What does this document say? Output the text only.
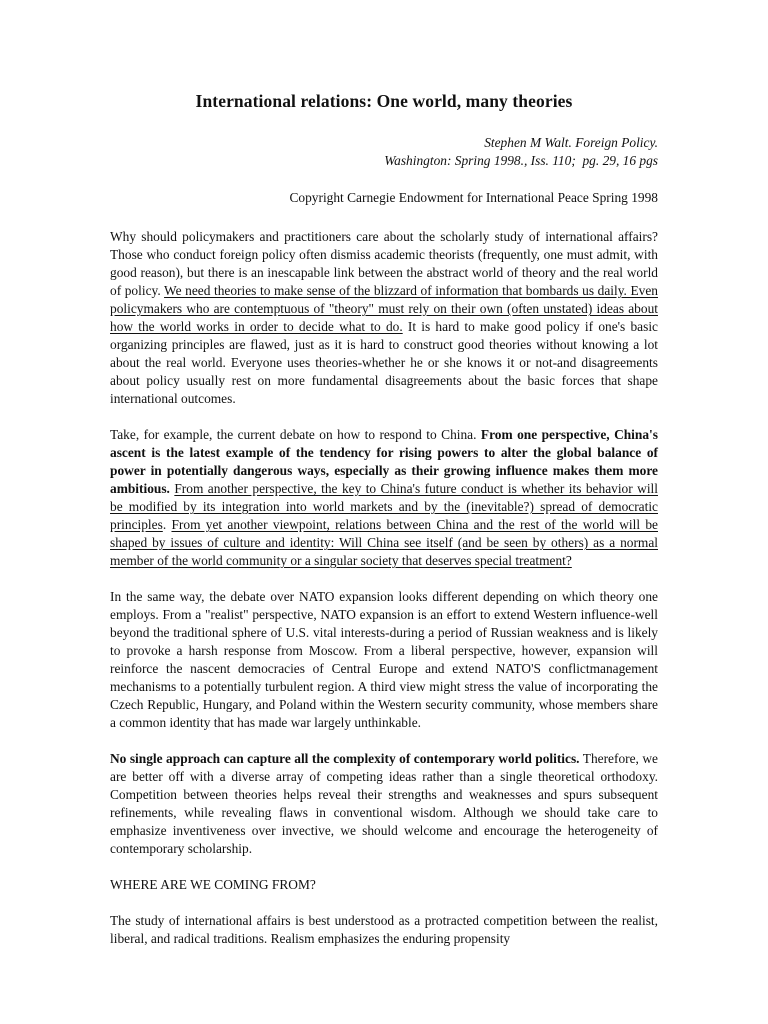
International relations: One world, many theories
Stephen M Walt. Foreign Policy.
Washington: Spring 1998., Iss. 110;  pg. 29, 16 pgs
Copyright Carnegie Endowment for International Peace Spring 1998

Why should policymakers and practitioners care about the scholarly study of international affairs? Those who conduct foreign policy often dismiss academic theorists (frequently, one must admit, with good reason), but there is an inescapable link between the abstract world of theory and the real world of policy. We need theories to make sense of the blizzard of information that bombards us daily. Even policymakers who are contemptuous of "theory" must rely on their own (often unstated) ideas about how the world works in order to decide what to do. It is hard to make good policy if one's basic organizing principles are flawed, just as it is hard to construct good theories without knowing a lot about the real world. Everyone uses theories-whether he or she knows it or not-and disagreements about policy usually rest on more fundamental disagreements about the basic forces that shape international outcomes.

Take, for example, the current debate on how to respond to China. From one perspective, China's ascent is the latest example of the tendency for rising powers to alter the global balance of power in potentially dangerous ways, especially as their growing influence makes them more ambitious. From another perspective, the key to China's future conduct is whether its behavior will be modified by its integration into world markets and by the (inevitable?) spread of democratic principles. From yet another viewpoint, relations between China and the rest of the world will be shaped by issues of culture and identity: Will China see itself (and be seen by others) as a normal member of the world community or a singular society that deserves special treatment?

In the same way, the debate over NATO expansion looks different depending on which theory one employs. From a "realist" perspective, NATO expansion is an effort to extend Western influence-well beyond the traditional sphere of U.S. vital interests-during a period of Russian weakness and is likely to provoke a harsh response from Moscow. From a liberal perspective, however, expansion will reinforce the nascent democracies of Central Europe and extend NATO'S conflictmanagement mechanisms to a potentially turbulent region. A third view might stress the value of incorporating the Czech Republic, Hungary, and Poland within the Western security community, whose members share a common identity that has made war largely unthinkable.

No single approach can capture all the complexity of contemporary world politics. Therefore, we are better off with a diverse array of competing ideas rather than a single theoretical orthodoxy. Competition between theories helps reveal their strengths and weaknesses and spurs subsequent refinements, while revealing flaws in conventional wisdom. Although we should take care to emphasize inventiveness over invective, we should welcome and encourage the heterogeneity of contemporary scholarship.

WHERE ARE WE COMING FROM?

The study of international affairs is best understood as a protracted competition between the realist, liberal, and radical traditions. Realism emphasizes the enduring propensity
